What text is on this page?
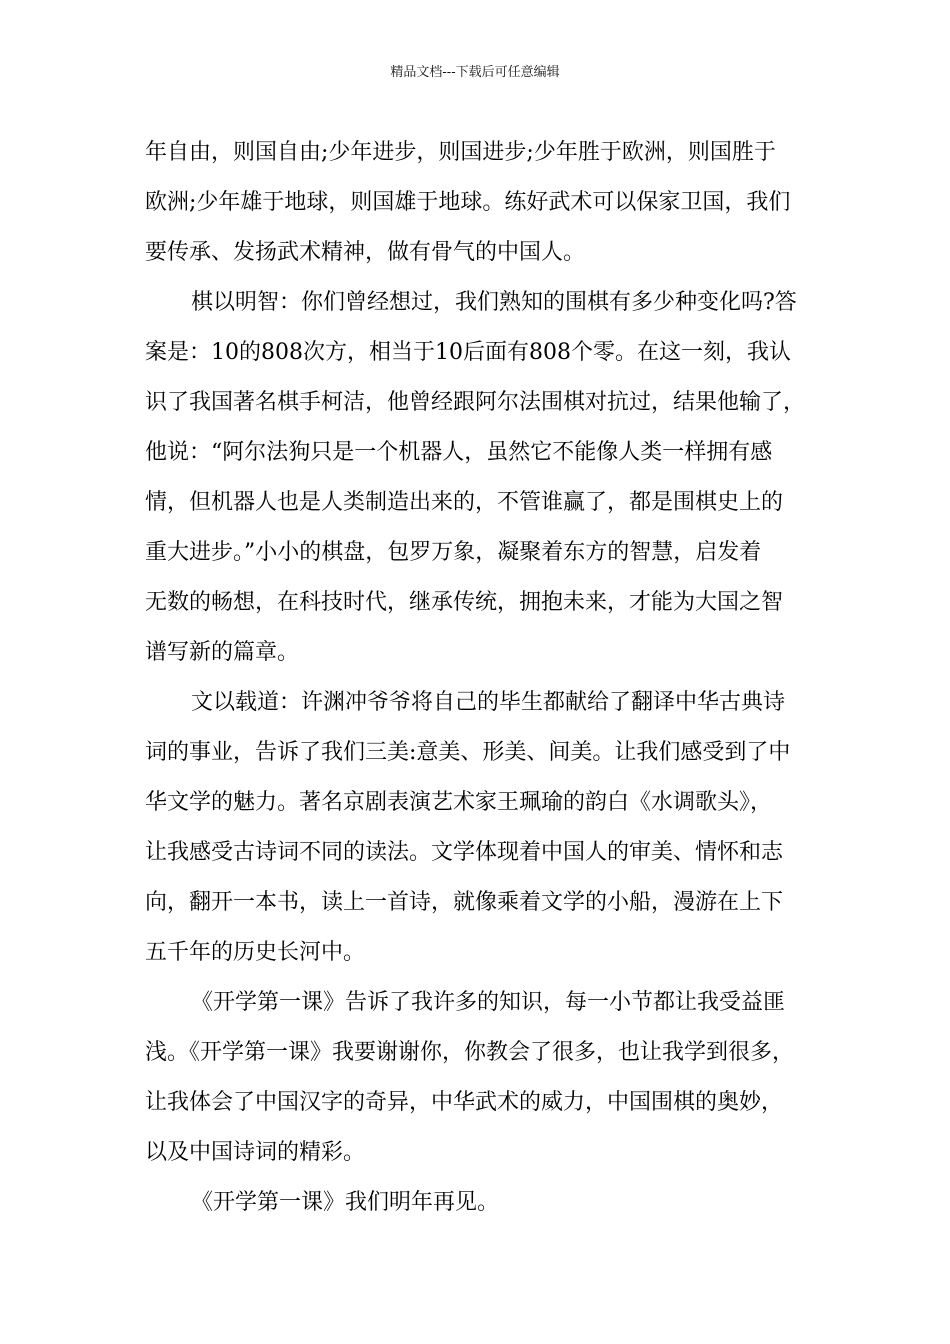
精品文档---下载后可任意编辑
年自由，则国自由;少年进步，则国进步;少年胜于欧洲，则国胜于
欧洲;少年雄于地球，则国雄于地球。练好武术可以保家卫国，我们
要传承、发扬武术精神，做有骨气的中国人。
棋以明智：你们曾经想过，我们熟知的围棋有多少种变化吗?答
案是：10的808次方，相当于10后面有808个零。在这一刻，我认
识了我国著名棋手柯洁，他曾经跟阿尔法围棋对抗过，结果他输了，
他说：“阿尔法狗只是一个机器人，虽然它不能像人类一样拥有感
情，但机器人也是人类制造出来的，不管谁赢了，都是围棋史上的
重大进步。”小小的棋盘，包罗万象，凝聚着东方的智慧，启发着
无数的畅想，在科技时代，继承传统，拥抱未来，才能为大国之智
谱写新的篇章。
文以载道：许渊冲爷爷将自己的毕生都献给了翻译中华古典诗
词的事业，告诉了我们三美:意美、形美、间美。让我们感受到了中
华文学的魅力。著名京剧表演艺术家王珮瑜的韵白《水调歌头》，
让我感受古诗词不同的读法。文学体现着中国人的审美、情怀和志
向，翻开一本书，读上一首诗，就像乘着文学的小船，漫游在上下
五千年的历史长河中。
《开学第一课》告诉了我许多的知识，每一小节都让我受益匪
浅。《开学第一课》我要谢谢你，你教会了很多，也让我学到很多，
让我体会了中国汉字的奇异，中华武术的威力，中国围棋的奥妙，
以及中国诗词的精彩。
《开学第一课》我们明年再见。
